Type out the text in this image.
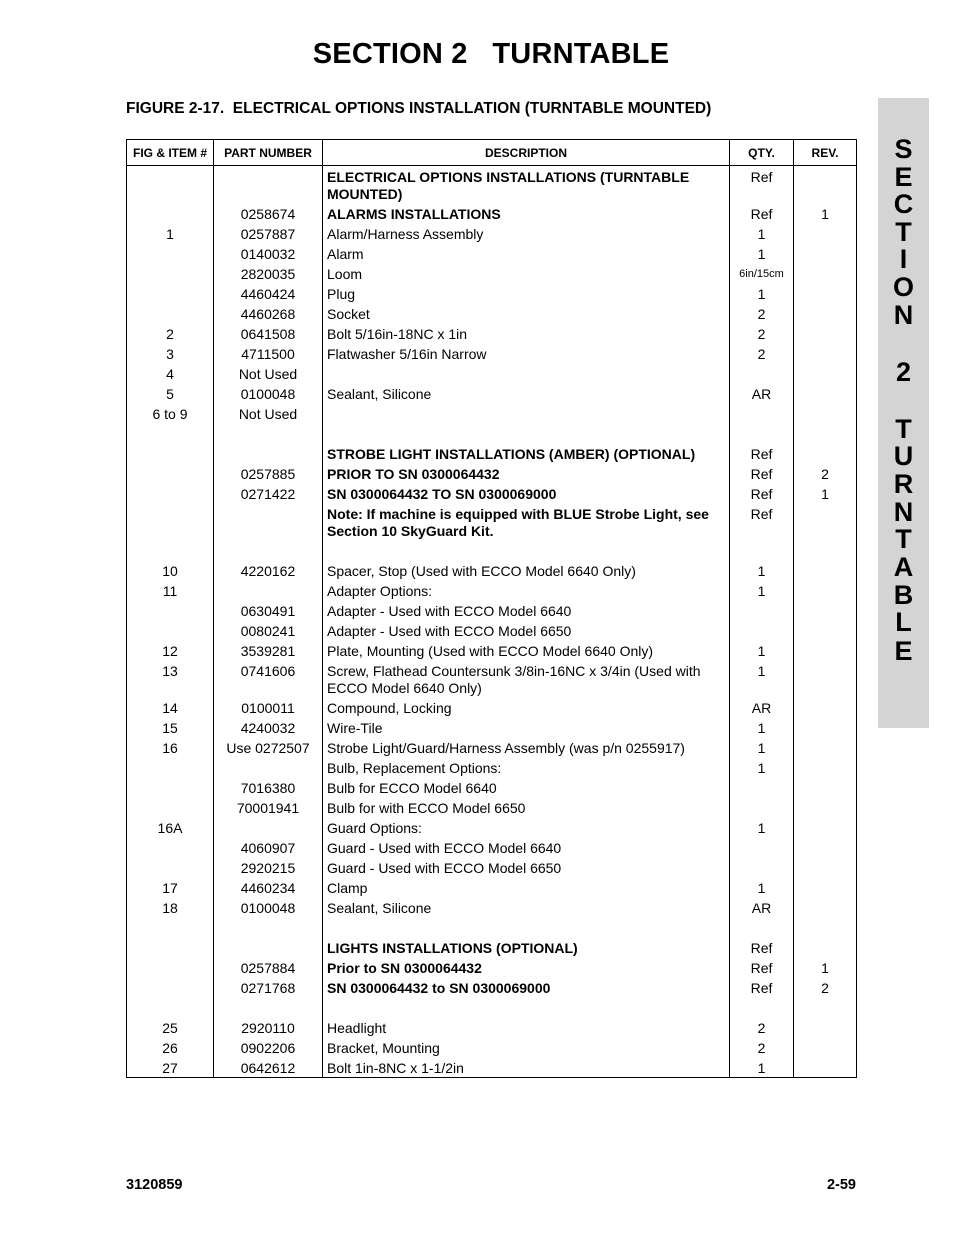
SECTION 2   TURNTABLE
FIGURE 2-17.  ELECTRICAL OPTIONS INSTALLATION (TURNTABLE MOUNTED)
S
E
C
T
I
O
N
2
T
U
R
N
T
A
B
L
E
FIG & ITEM #	PART NUMBER	DESCRIPTION	QTY.	REV.
		ELECTRICAL OPTIONS INSTALLATIONS (TURNTABLE MOUNTED)	Ref	
	0258674	ALARMS INSTALLATIONS	Ref	1
1	0257887	Alarm/Harness Assembly	1	
	0140032	Alarm	1	
	2820035	Loom	6in/15cm	
	4460424	Plug	1	
	4460268	Socket	2	
2	0641508	Bolt 5/16in-18NC x 1in	2	
3	4711500	Flatwasher 5/16in Narrow	2	
4	Not Used			
5	0100048	Sealant, Silicone	AR	
6 to 9	Not Used			
		STROBE LIGHT INSTALLATIONS (AMBER) (OPTIONAL)	Ref	
	0257885	PRIOR TO SN 0300064432	Ref	2
	0271422	SN 0300064432 TO SN 0300069000	Ref	1
		Note: If machine is equipped with BLUE Strobe Light, see Section 10 SkyGuard Kit.	Ref	
10	4220162	Spacer, Stop (Used with ECCO Model 6640 Only)	1	
11		Adapter Options:	1	
	0630491	Adapter - Used with ECCO Model 6640		
	0080241	Adapter - Used with ECCO Model 6650		
12	3539281	Plate, Mounting (Used with ECCO Model 6640 Only)	1	
13	0741606	Screw, Flathead Countersunk 3/8in-16NC x 3/4in (Used with ECCO Model 6640 Only)	1	
14	0100011	Compound, Locking	AR	
15	4240032	Wire-Tile	1	
16	Use 0272507	Strobe Light/Guard/Harness Assembly (was p/n 0255917)	1	
		Bulb, Replacement Options:	1	
	7016380	Bulb for ECCO Model 6640		
	70001941	Bulb for with ECCO Model 6650		
16A		Guard Options:	1	
	4060907	Guard - Used with ECCO Model 6640		
	2920215	Guard - Used with ECCO Model 6650		
17	4460234	Clamp	1	
18	0100048	Sealant, Silicone	AR	
		LIGHTS INSTALLATIONS (OPTIONAL)	Ref	
	0257884	Prior to SN 0300064432	Ref	1
	0271768	SN 0300064432 to SN 0300069000	Ref	2
25	2920110	Headlight	2	
26	0902206	Bracket, Mounting	2	
27	0642612	Bolt 1in-8NC x 1-1/2in	1	
3120859	2-59
